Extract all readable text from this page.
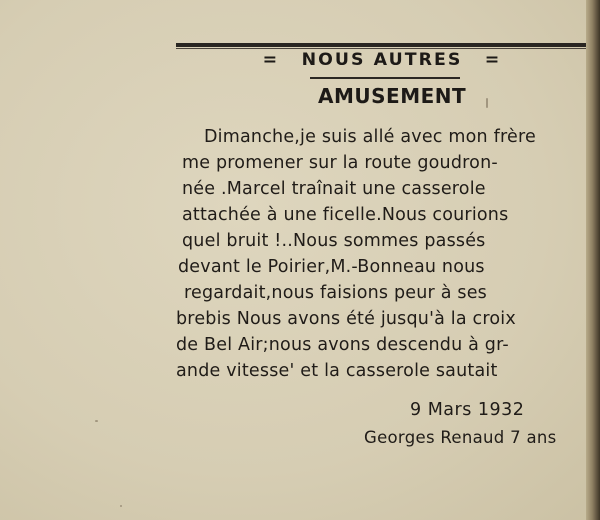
= NOUS AUTRES =
AMUSEMENT
Dimanche,je suis allé avec mon frère
me promener sur la route goudron-
née .Marcel traînait une casserole
attachée à une ficelle.Nous courions
quel bruit !..Nous sommes passés
devant le Poirier,M.-Bonneau nous
regardait,nous faisions peur à ses
brebis Nous avons été jusqu'à la croix
de Bel Air;nous avons descendu à gr-
ande vitesse' et la casserole sautait
9 Mars 1932
Georges Renaud 7 ans
